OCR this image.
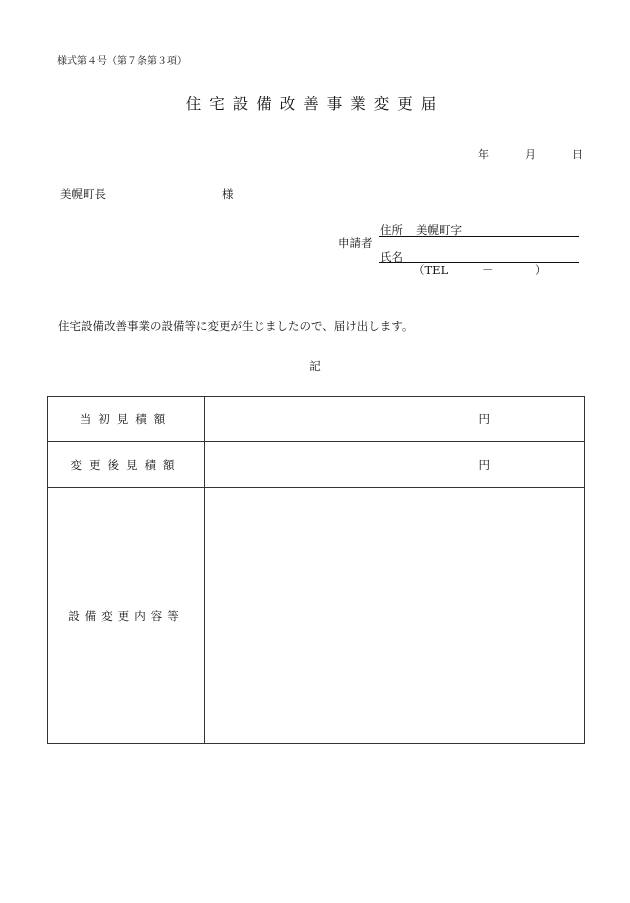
様式第４号（第７条第３項）
住宅設備改善事業変更届
年	月	日
美幌町長	様
申請者
住所 美幌町字
氏名
（TEL	－	）
住宅設備改善事業の設備等に変更が生じましたので、届け出します。
記
当初見積額	円
変更後見積額	円
設備変更内容等	
